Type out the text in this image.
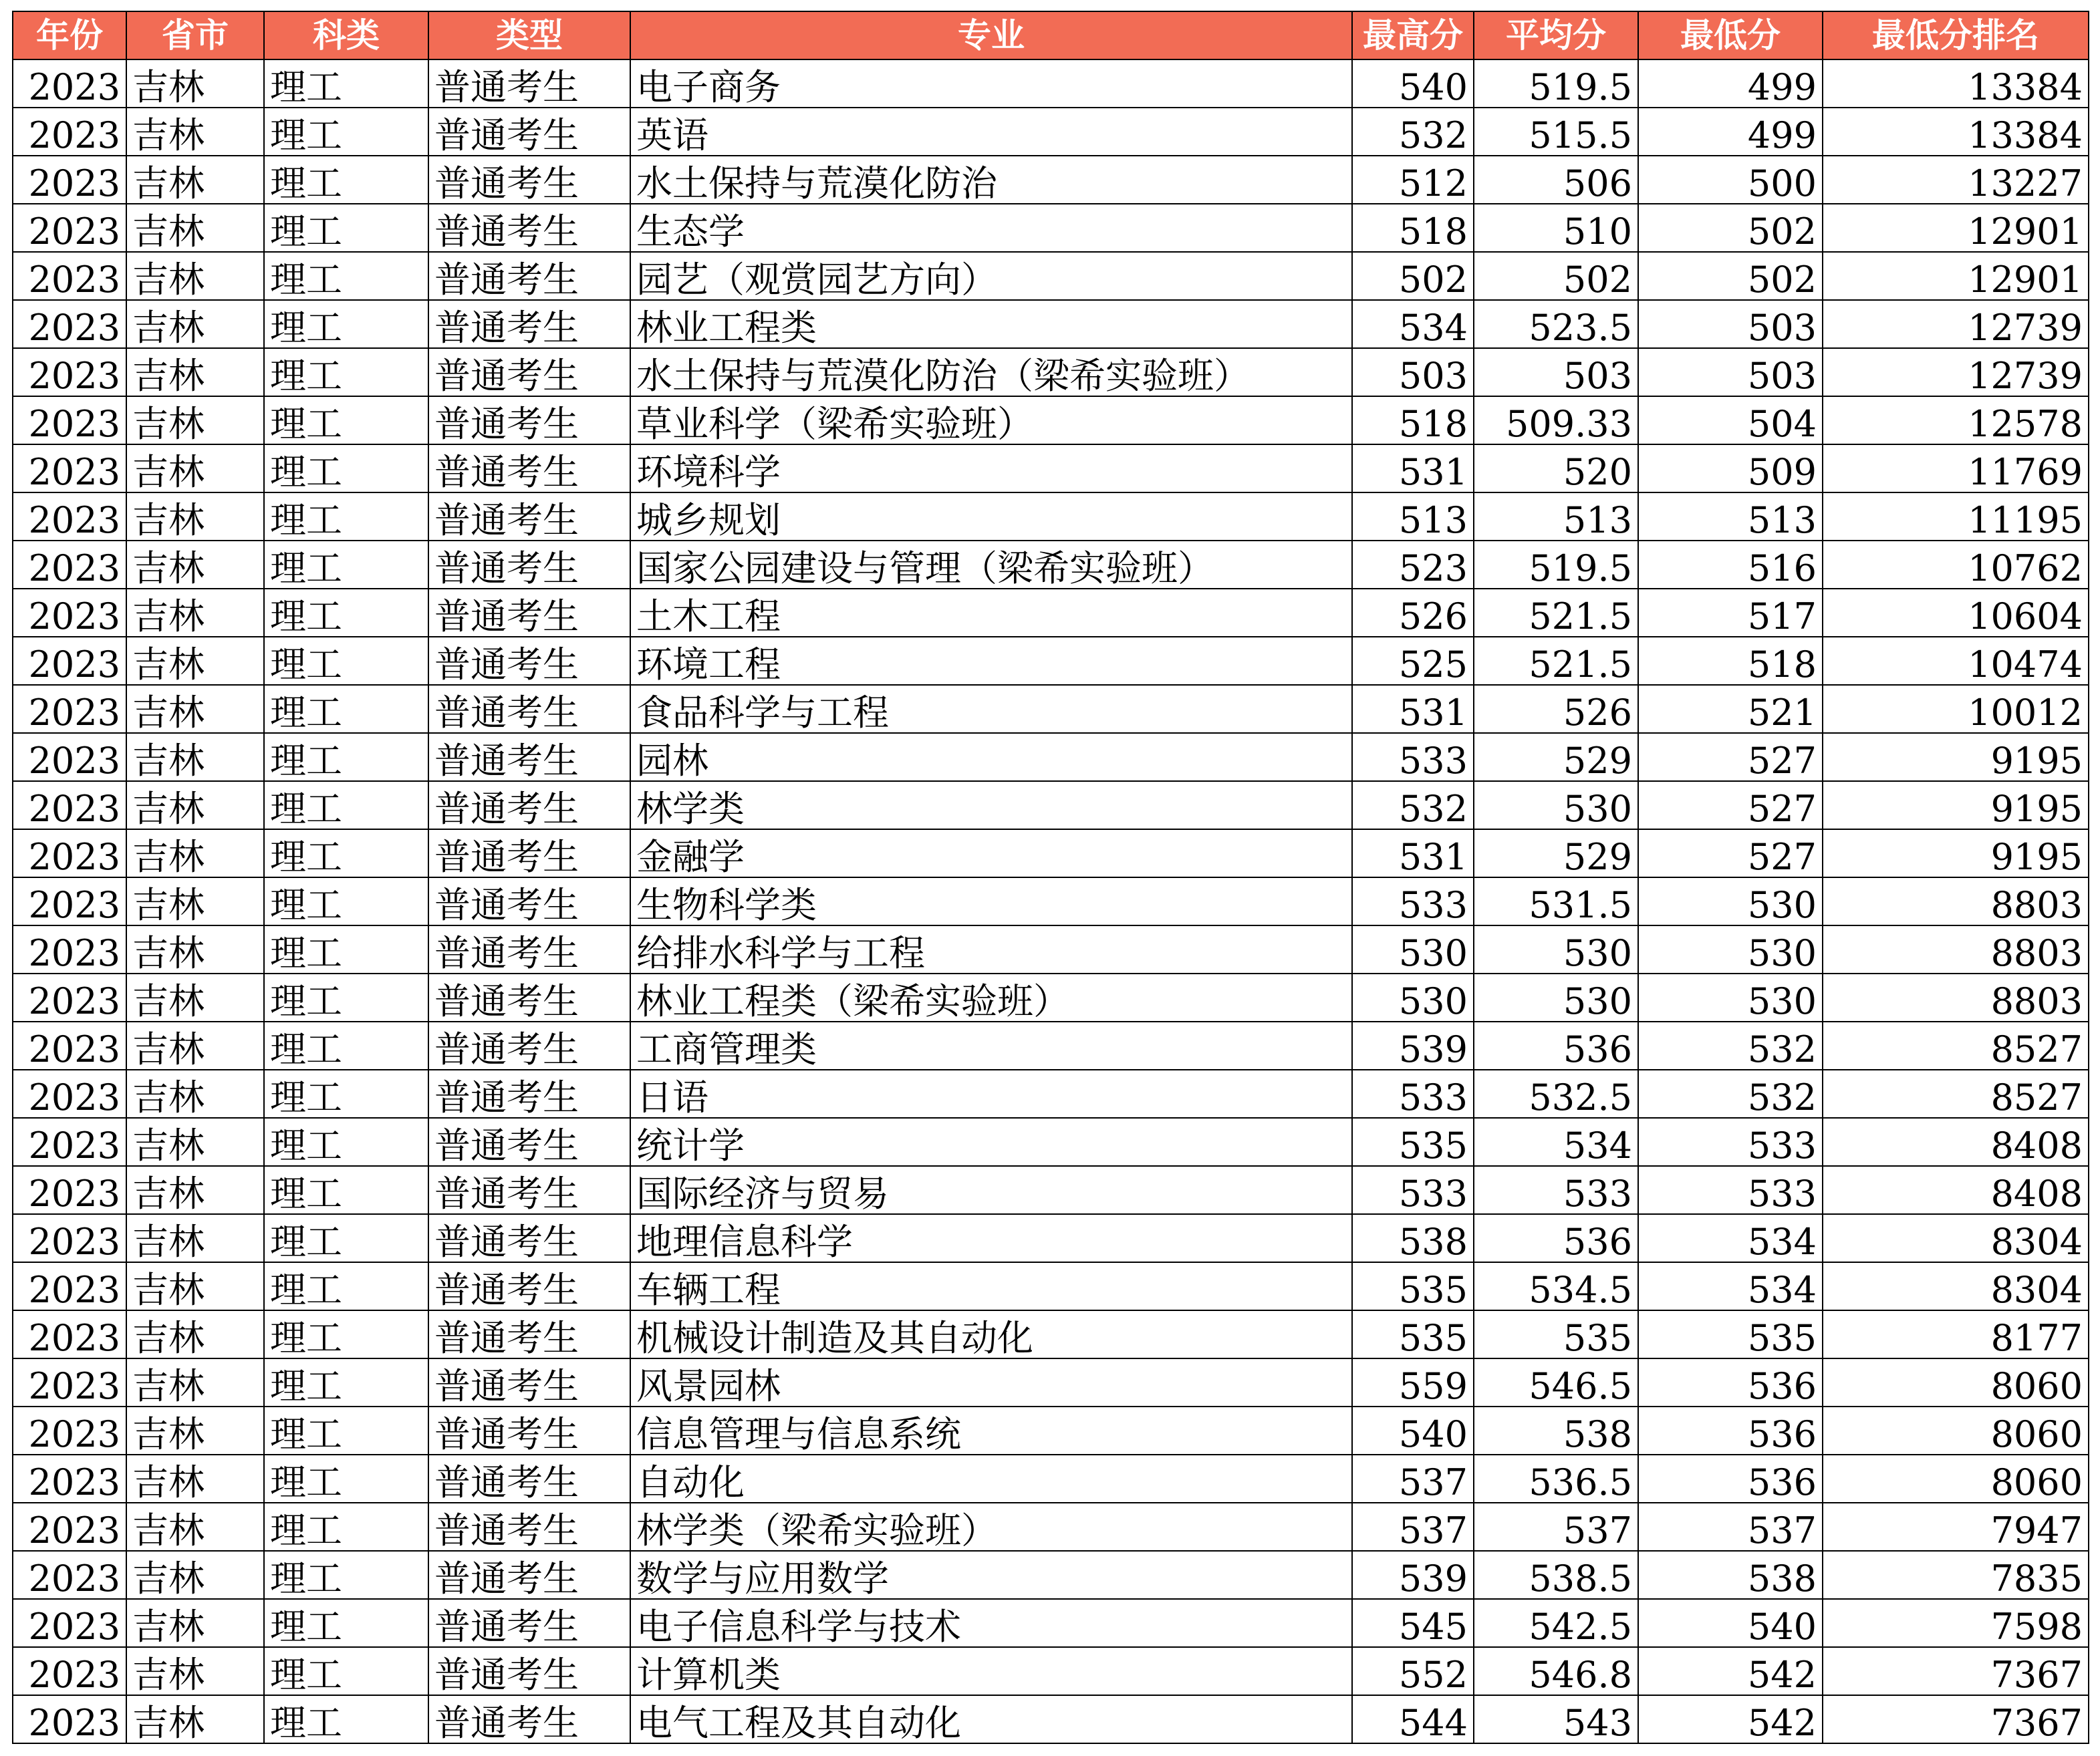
年份	省市	科类	类型	专业	最高分	平均分	最低分	最低分排名
2023	吉林	理工	普通考生	电子商务	540	519.5	499	13384
2023	吉林	理工	普通考生	英语	532	515.5	499	13384
2023	吉林	理工	普通考生	水土保持与荒漠化防治	512	506	500	13227
2023	吉林	理工	普通考生	生态学	518	510	502	12901
2023	吉林	理工	普通考生	园艺（观赏园艺方向）	502	502	502	12901
2023	吉林	理工	普通考生	林业工程类	534	523.5	503	12739
2023	吉林	理工	普通考生	水土保持与荒漠化防治（梁希实验班）	503	503	503	12739
2023	吉林	理工	普通考生	草业科学（梁希实验班）	518	509.33	504	12578
2023	吉林	理工	普通考生	环境科学	531	520	509	11769
2023	吉林	理工	普通考生	城乡规划	513	513	513	11195
2023	吉林	理工	普通考生	国家公园建设与管理（梁希实验班）	523	519.5	516	10762
2023	吉林	理工	普通考生	土木工程	526	521.5	517	10604
2023	吉林	理工	普通考生	环境工程	525	521.5	518	10474
2023	吉林	理工	普通考生	食品科学与工程	531	526	521	10012
2023	吉林	理工	普通考生	园林	533	529	527	9195
2023	吉林	理工	普通考生	林学类	532	530	527	9195
2023	吉林	理工	普通考生	金融学	531	529	527	9195
2023	吉林	理工	普通考生	生物科学类	533	531.5	530	8803
2023	吉林	理工	普通考生	给排水科学与工程	530	530	530	8803
2023	吉林	理工	普通考生	林业工程类（梁希实验班）	530	530	530	8803
2023	吉林	理工	普通考生	工商管理类	539	536	532	8527
2023	吉林	理工	普通考生	日语	533	532.5	532	8527
2023	吉林	理工	普通考生	统计学	535	534	533	8408
2023	吉林	理工	普通考生	国际经济与贸易	533	533	533	8408
2023	吉林	理工	普通考生	地理信息科学	538	536	534	8304
2023	吉林	理工	普通考生	车辆工程	535	534.5	534	8304
2023	吉林	理工	普通考生	机械设计制造及其自动化	535	535	535	8177
2023	吉林	理工	普通考生	风景园林	559	546.5	536	8060
2023	吉林	理工	普通考生	信息管理与信息系统	540	538	536	8060
2023	吉林	理工	普通考生	自动化	537	536.5	536	8060
2023	吉林	理工	普通考生	林学类（梁希实验班）	537	537	537	7947
2023	吉林	理工	普通考生	数学与应用数学	539	538.5	538	7835
2023	吉林	理工	普通考生	电子信息科学与技术	545	542.5	540	7598
2023	吉林	理工	普通考生	计算机类	552	546.8	542	7367
2023	吉林	理工	普通考生	电气工程及其自动化	544	543	542	7367
